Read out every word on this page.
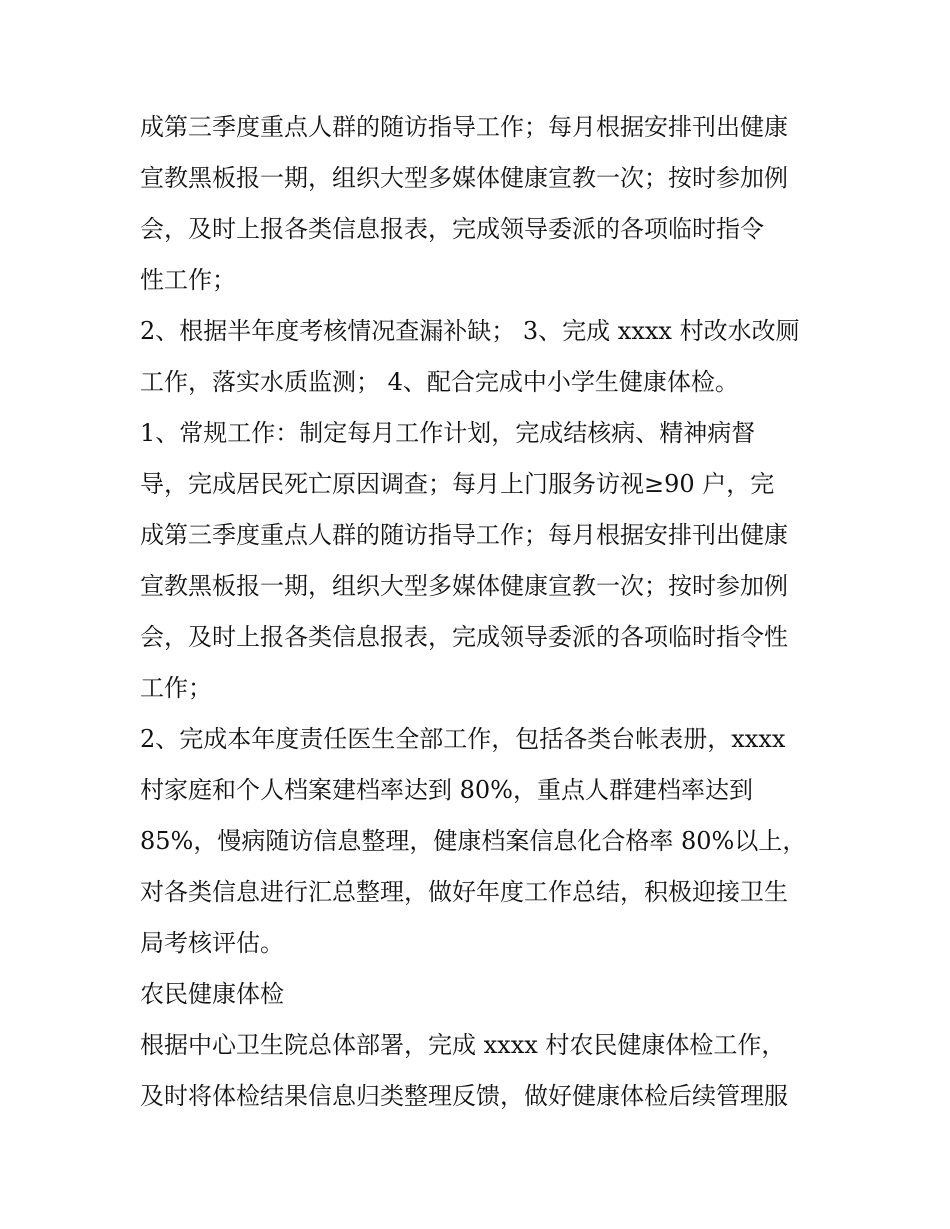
成第三季度重点人群的随访指导工作；每月根据安排刊出健康
宣教黑板报一期，组织大型多媒体健康宣教一次；按时参加例
会，及时上报各类信息报表，完成领导委派的各项临时指令
性工作；
2、根据半年度考核情况查漏补缺； 3、完成 xxxx 村改水改厕
工作，落实水质监测； 4、配合完成中小学生健康体检。
1、常规工作：制定每月工作计划，完成结核病、精神病督
导，完成居民死亡原因调查；每月上门服务访视≥90 户，完
成第三季度重点人群的随访指导工作；每月根据安排刊出健康
宣教黑板报一期，组织大型多媒体健康宣教一次；按时参加例
会，及时上报各类信息报表，完成领导委派的各项临时指令性
工作；
2、完成本年度责任医生全部工作，包括各类台帐表册，xxxx
村家庭和个人档案建档率达到 80%，重点人群建档率达到
85%，慢病随访信息整理，健康档案信息化合格率 80%以上，
对各类信息进行汇总整理，做好年度工作总结，积极迎接卫生
局考核评估。
农民健康体检
根据中心卫生院总体部署，完成 xxxx 村农民健康体检工作，
及时将体检结果信息归类整理反馈，做好健康体检后续管理服
